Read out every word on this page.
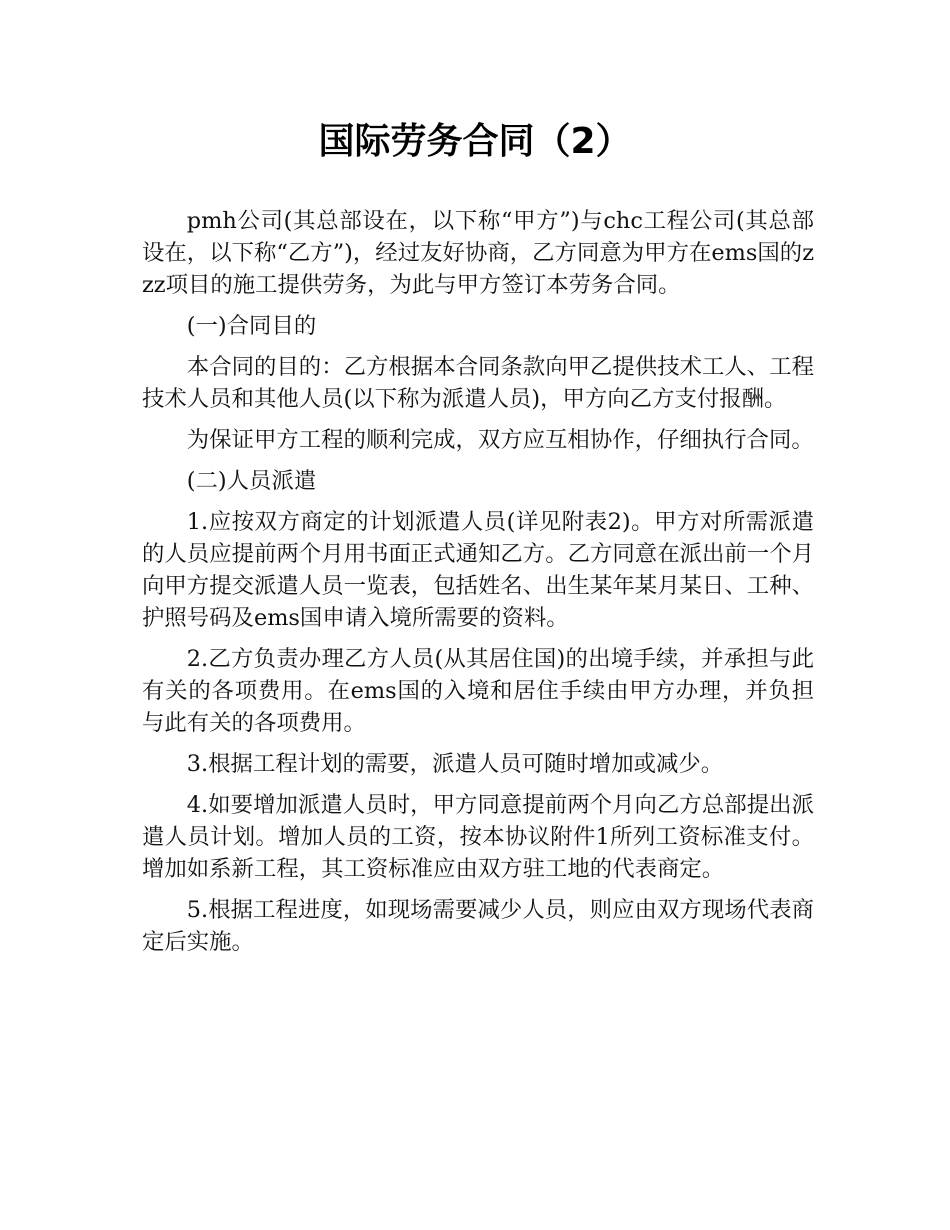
国际劳务合同（2）

pmh公司(其总部设在，以下称“甲方”)与chc工程公司(其总部设在，以下称“乙方”)，经过友好协商，乙方同意为甲方在ems国的zzz项目的施工提供劳务，为此与甲方签订本劳务合同。

(一)合同目的

本合同的目的：乙方根据本合同条款向甲乙提供技术工人、工程技术人员和其他人员(以下称为派遣人员)，甲方向乙方支付报酬。

为保证甲方工程的顺利完成，双方应互相协作，仔细执行合同。

(二)人员派遣

1.应按双方商定的计划派遣人员(详见附表2)。甲方对所需派遣的人员应提前两个月用书面正式通知乙方。乙方同意在派出前一个月向甲方提交派遣人员一览表，包括姓名、出生某年某月某日、工种、护照号码及ems国申请入境所需要的资料。

2.乙方负责办理乙方人员(从其居住国)的出境手续，并承担与此有关的各项费用。在ems国的入境和居住手续由甲方办理，并负担与此有关的各项费用。

3.根据工程计划的需要，派遣人员可随时增加或减少。

4.如要增加派遣人员时，甲方同意提前两个月向乙方总部提出派遣人员计划。增加人员的工资，按本协议附件1所列工资标准支付。增加如系新工程，其工资标准应由双方驻工地的代表商定。

5.根据工程进度，如现场需要减少人员，则应由双方现场代表商定后实施。
